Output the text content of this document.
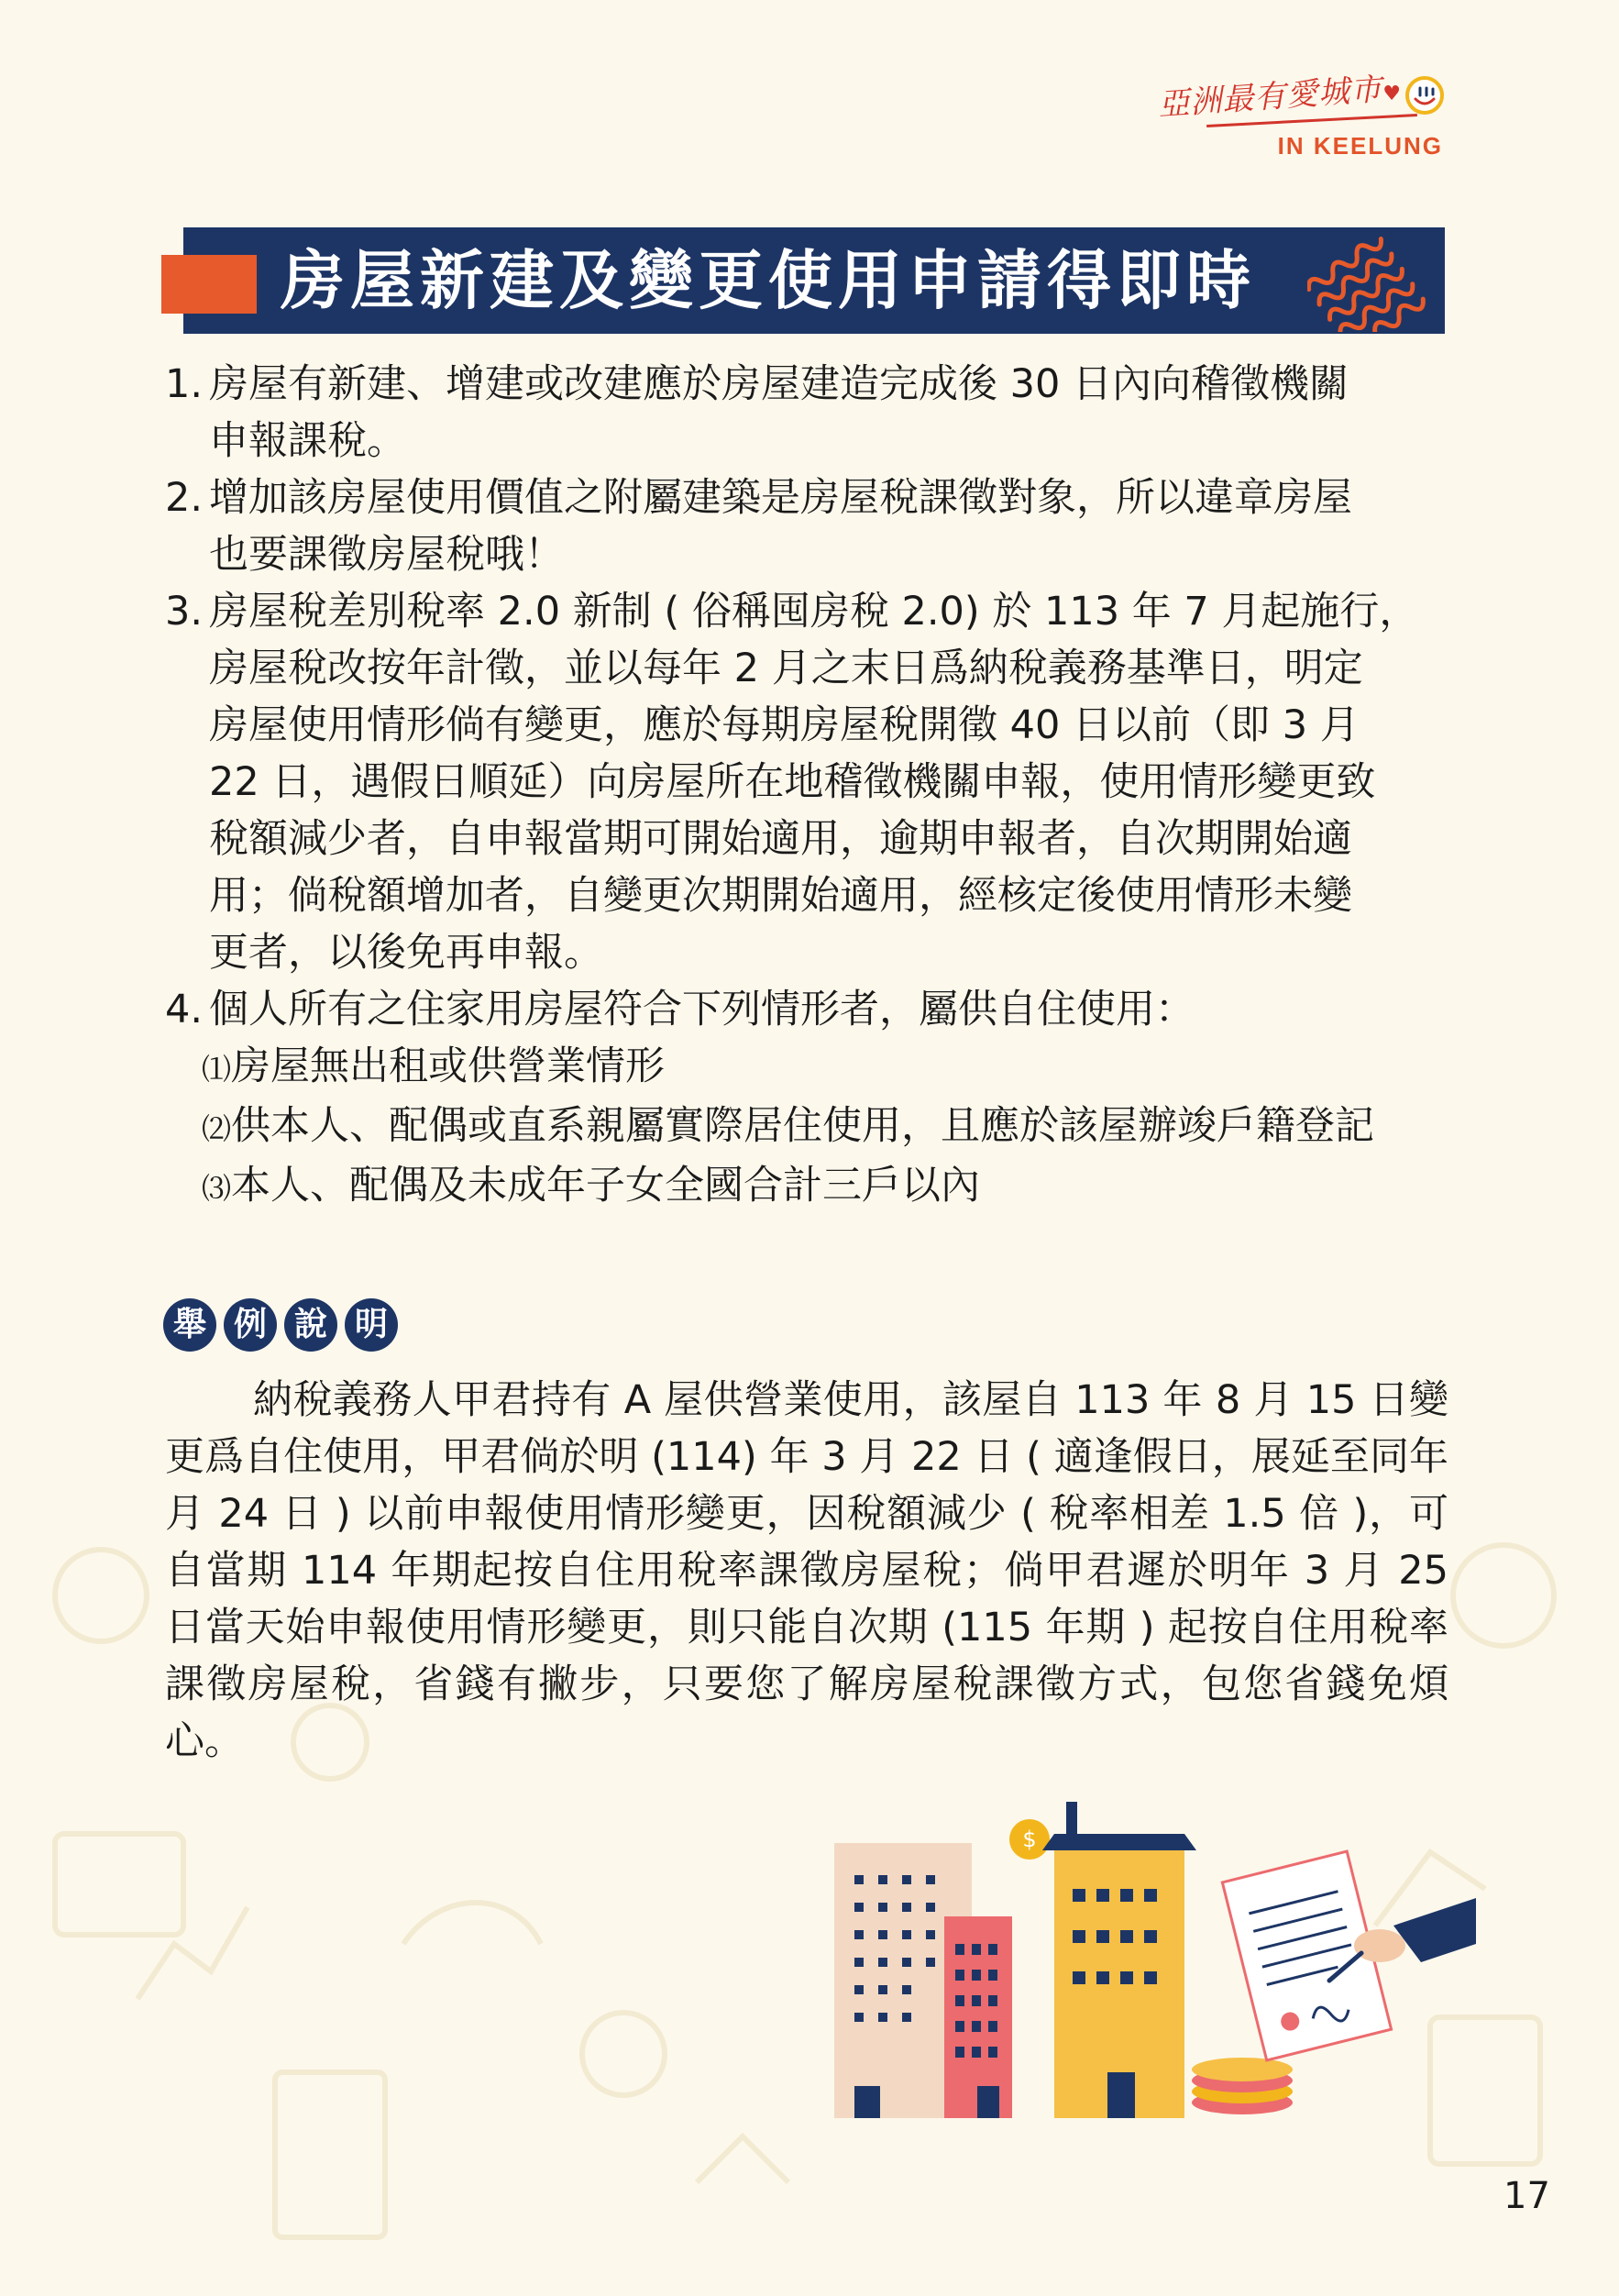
亞洲最有愛城市
♥
IN KEELUNG
房屋新建及變更使用申請得即時
1. 房屋有新建、增建或改建應於房屋建造完成後 30 日內向稽徵機關
申報課稅。
2. 增加該房屋使用價值之附屬建築是房屋稅課徵對象，所以違章房屋
也要課徵房屋稅哦！
3. 房屋稅差別稅率 2.0 新制 ( 俗稱囤房稅 2.0) 於 113 年 7 月起施行，
房屋稅改按年計徵，並以每年 2 月之末日爲納稅義務基準日，明定
房屋使用情形倘有變更，應於每期房屋稅開徵 40 日以前（即 3 月
22 日，遇假日順延）向房屋所在地稽徵機關申報，使用情形變更致
稅額減少者，自申報當期可開始適用，逾期申報者，自次期開始適
用；倘稅額增加者，自變更次期開始適用，經核定後使用情形未變
更者，以後免再申報。
4. 個人所有之住家用房屋符合下列情形者，屬供自住使用：
⑴房屋無出租或供營業情形
⑵供本人、配偶或直系親屬實際居住使用，且應於該屋辦竣戶籍登記
⑶本人、配偶及未成年子女全國合計三戶以內
舉 例 說 明
納稅義務人甲君持有 A 屋供營業使用，該屋自 113 年 8 月 15 日變更爲自住使用，甲君倘於明 (114) 年 3 月 22 日 ( 適逢假日，展延至同年月 24 日 ) 以前申報使用情形變更，因稅額減少 ( 稅率相差 1.5 倍 )，可自當期 114 年期起按自住用稅率課徵房屋稅；倘甲君遲於明年 3 月 25 日當天始申報使用情形變更，則只能自次期 (115 年期 ) 起按自住用稅率課徵房屋稅，省錢有撇步，只要您了解房屋稅課徵方式，包您省錢免煩心。
$
17
